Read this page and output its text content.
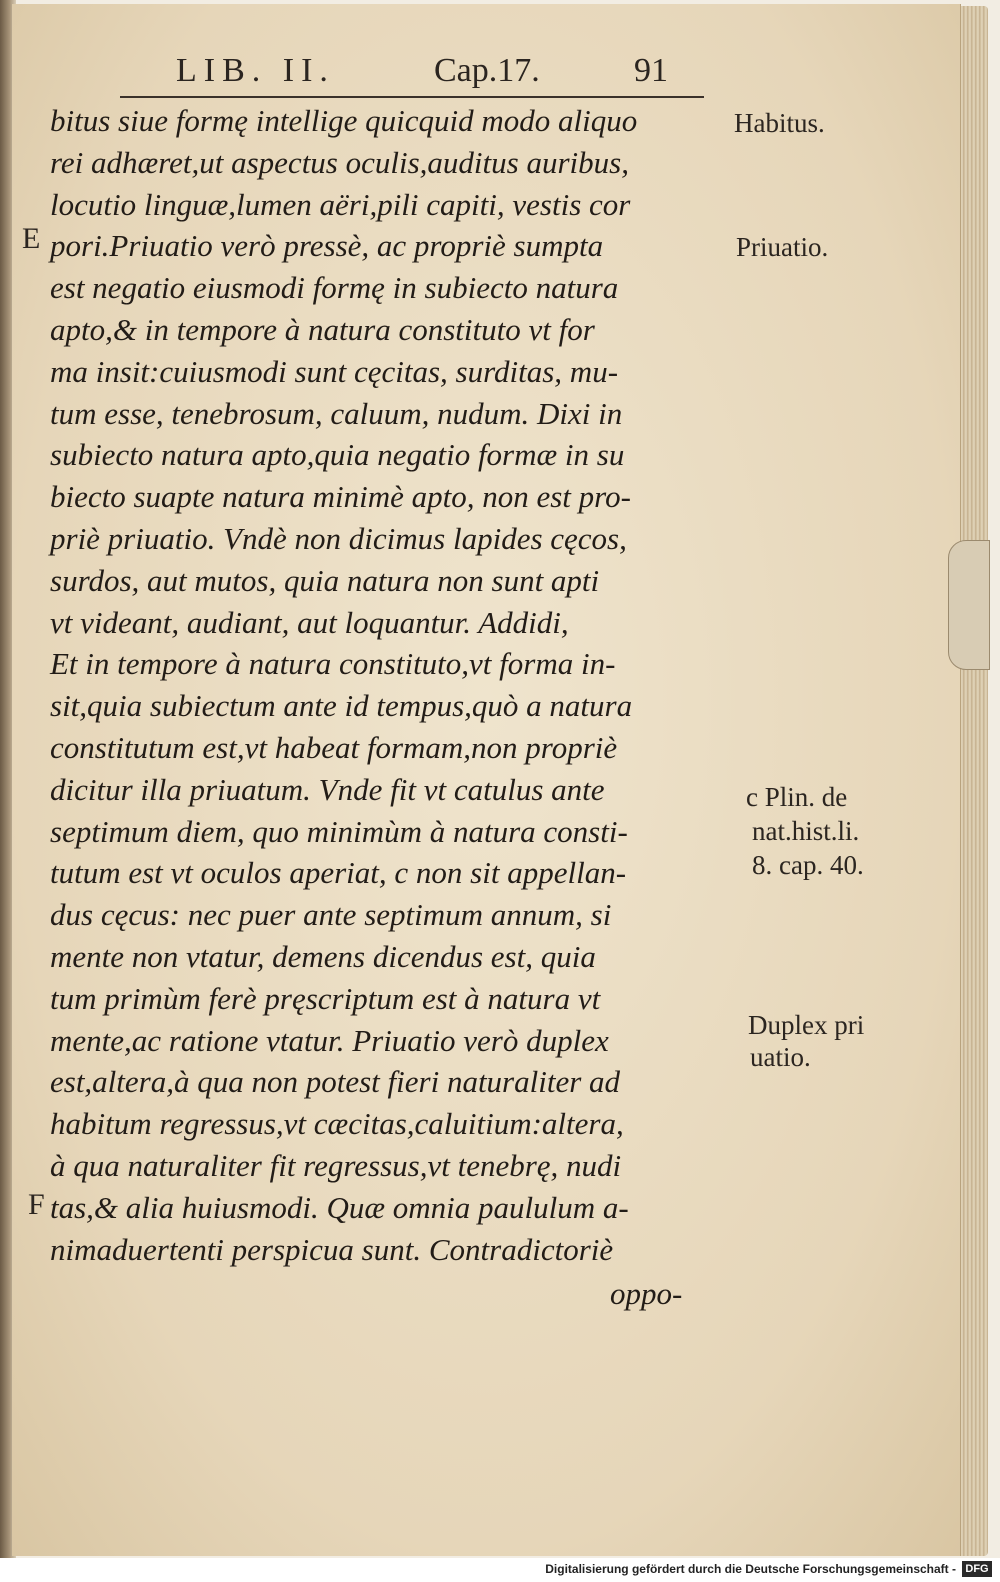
LIB. II.	Cap.17.	91
bitus siue formę intellige quicquid modo aliquo
rei adhæret,ut aspectus oculis,auditus auribus,
locutio linguæ,lumen aëri,pili capiti, vestis cor
pori.Priuatio verò pressè, ac propriè sumpta
est negatio eiusmodi formę in subiecto natura
apto,& in tempore à natura constituto vt for
ma insit:cuiusmodi sunt cęcitas, surditas, mu-
tum esse, tenebrosum, caluum, nudum. Dixi in
subiecto natura apto,quia negatio formæ in su
biecto suapte natura minimè apto, non est pro-
priè priuatio. Vndè non dicimus lapides cęcos,
surdos, aut mutos, quia natura non sunt apti
vt videant, audiant, aut loquantur. Addidi,
Et in tempore à natura constituto,vt forma in-
sit,quia subiectum ante id tempus,quò a natura
constitutum est,vt habeat formam,non propriè
dicitur illa priuatum. Vnde fit vt catulus ante
septimum diem, quo minimùm à natura consti-
tutum est vt oculos aperiat, c non sit appellan-
dus cęcus: nec puer ante septimum annum, si
mente non vtatur, demens dicendus est, quia
tum primùm ferè pręscriptum est à natura vt
mente,ac ratione vtatur. Priuatio verò duplex
est,altera,à qua non potest fieri naturaliter ad
habitum regressus,vt cæcitas,caluitium:altera,
à qua naturaliter fit regressus,vt tenebrę, nudi
tas,& alia huiusmodi. Quæ omnia paululum a-
nimaduertenti perspicua sunt. Contradictoriè
oppo-
E
F
Habitus.
Priuatio.
c Plin. de
nat.hist.li.
8. cap. 40.
Duplex pri
uatio.
Digitalisierung gefördert durch die Deutsche Forschungsgemeinschaft - DFG
